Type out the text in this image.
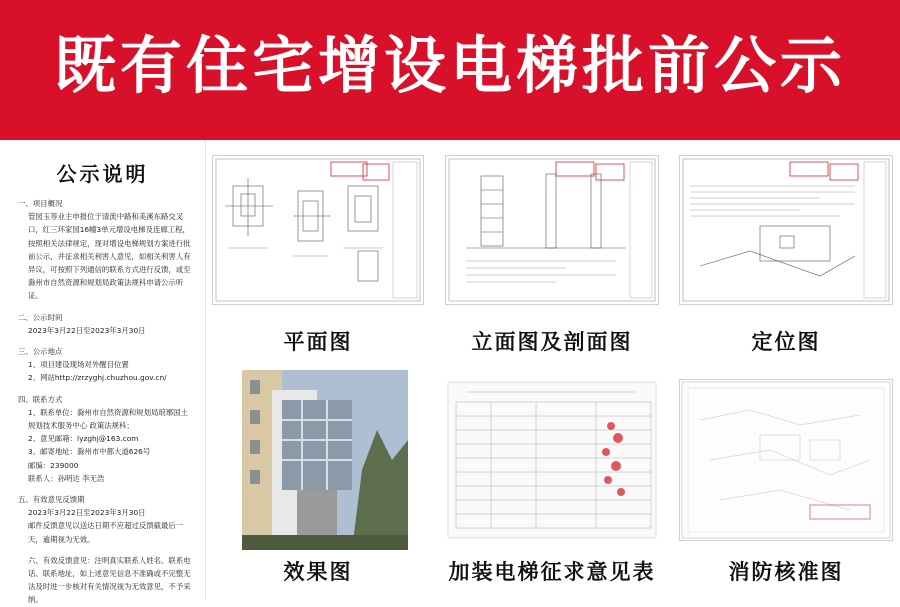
既有住宅增设电梯批前公示
公示说明

一、项目概况

管园玉等业主申报位于清流中路和美溪东路交叉口，红三环家园16幢3单元增设电梯及连廊工程，按照相关法律规定，现对增设电梯规划方案进行批前公示，并征求相关利害人意见，如相关利害人有异议，可按照下列通信的联系方式进行反馈，或至滁州市自然资源和规划局政策法规科申请公示听证。

二、公示时间

2023年3月22日至2023年3月30日

三、公示地点

1、项目建设现场对外醒目位置

2、网站http://zrzyghj.chuzhou.gov.cn/

四、联系方式

1、联系单位：滁州市自然资源和规划局琅琊国土规划技术服务中心 政策法规科；

2、意见邮箱：lyzghj@163.com

3、邮寄地址：滁州市中都大道626号

邮编：239000

联系人：孙明达 李无浩

五、有效意见反馈期

2023年3月22日至2023年3月30日

邮件反馈意见以送达日期不应超过反馈截最后一天，逾期视为无效。

六、有效反馈意见：注明真实联系人姓名、联系电话、联系地址，如上述意见信息不准确或不完整无法及时进一步核对有关情况视为无效意见，不予采纳。

平面图	立面图及剖面图	定位图
效果图	加装电梯征求意见表	消防核准图
